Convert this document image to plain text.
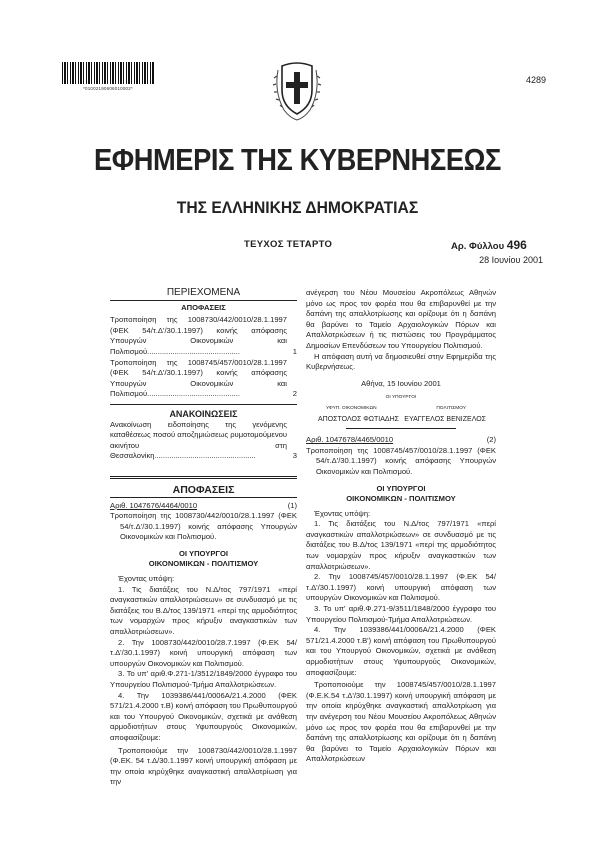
*01002190606010002*
4289
ΕΦΗΜΕΡΙΣ ΤΗΣ ΚΥΒΕΡΝΗΣΕΩΣ
ΤΗΣ ΕΛΛΗΝΙΚΗΣ ΔΗΜΟΚΡΑΤΙΑΣ
ΤΕΥΧΟΣ ΤΕΤΑΡΤΟ	Αρ. Φύλλου 496
28 Ιουνίου 2001
ΠΕΡΙΕΧΟΜΕΝΑ
ΑΠΟΦΑΣΕΙΣ
Τροποποίηση της 1008730/442/0010/28.1.1997 (ΦΕΚ 54/τ.Δ'/30.1.1997) κοινής απόφασης Υπουργών Οικονομικών και Πολιτισμού............................................	1
Τροποποίηση της 1008745/457/0010/28.1.1997 (ΦΕΚ 54/τ.Δ'/30.1.1997) κοινής απόφασης Υπουργών Οικονομικών και Πολιτισμού............................................	2
ΑΝΑΚΟΙΝΩΣΕΙΣ
Ανακοίνωση ειδοποίησης της γενόμενης καταθέσεως ποσού αποζημιώσεως ρυμοτομούμενου ακινήτου στη Θεσσαλονίκη................................................	3
ΑΠΟΦΑΣΕΙΣ
Αριθ. 1047676/4464/0010	(1)

Τροποποίηση της 1008730/442/0010/28.1.1997 (ΦΕΚ 54/τ.Δ'/30.1.1997) κοινής απόφασης Υπουργών Οικονομικών και Πολιτισμού.

ΟΙ ΥΠΟΥΡΓΟΙ
ΟΙΚΟΝΟΜΙΚΩΝ - ΠΟΛΙΤΙΣΜΟΥ

Έχοντας υπόψη:

1. Τις διατάξεις του Ν.Δ/τος 797/1971 «περί αναγκαστικών απαλλοτριώσεων» σε συνδυασμό με τις διατάξεις του Β.Δ/τος 139/1971 «περί της αρμοδιότητος των νομαρχών προς κήρυξιν αναγκαστικών των απαλλοτριώσεων».

2. Την 1008730/442/0010/28.7.1997 (Φ.ΕΚ 54/τ.Δ'/30.1.1997) κοινή υπουργική απόφαση των υπουργών Οικονομικών και Πολιτισμού.

3. Το υπ' αριθ.Φ.271-1/3512/1849/2000 έγγραφο του Υπουργείου Πολιτισμού-Τμήμα Απαλλοτριώσεων.

4. Την 1039386/441/0006Α/21.4.2000 (ΦΕΚ 571/21.4.2000 τ.Β) κοινή απόφαση του Πρωθυπουργού και του Υπουργού Οικονομικών, σχετικά με ανάθεση αρμοδιοτήτων στους Υφυπουργούς Οικονομικών, αποφασίζουμε:

Τροποποιούμε την 1008730/442/0010/28.1.1997 (Φ.ΕΚ. 54 τ.Δ/30.1.1997 κοινή υπουργική απόφαση με την οποία κηρύχθηκε αναγκαστική απαλλοτρίωση για την

ανέγερση του Νέου Μουσείου Ακροπόλεως Αθηνών μόνο ως προς τον φορέα που θα επιβαρυνθεί με την δαπάνη της απαλλοτρίωσης και ορίζουμε ότι η δαπάνη θα βαρύνει το Ταμείο Αρχαιολογικών Πόρων και Απαλλοτριώσεων ή τις πιστώσεις του Προγράμματος Δημοσίων Επενδύσεων του Υπουργείου Πολιτισμού.

Η απόφαση αυτή να δημοσιευθεί στην Εφημερίδα της Κυβερνήσεως.

Αθήνα, 15 Ιουνίου 2001
ΟΙ ΥΠΟΥΡΓΟΙ
ΥΦΥΠ. ΟΙΚΟΝΟΜΙΚΩΝ	ΠΟΛΙΤΙΣΜΟΥ
ΑΠΟΣΤΟΛΟΣ ΦΩΤΙΑΔΗΣ ΕΥΑΓΓΕΛΟΣ ΒΕΝΙΖΕΛΟΣ
Αριθ. 1047678/4465/0010	(2)

Τροποποίηση της 1008745/457/0010/28.1.1997 (ΦΕΚ 54/τ.Δ'/30.1.1997) κοινής απόφασης Υπουργών Οικονομικών και Πολιτισμού.

ΟΙ ΥΠΟΥΡΓΟΙ
ΟΙΚΟΝΟΜΙΚΩΝ - ΠΟΛΙΤΙΣΜΟΥ

Έχοντας υπόψη:

1. Τις διατάξεις του Ν.Δ/τος 797/1971 «περί αναγκαστικών απαλλοτριώσεων» σε συνδυασμό με τις διατάξεις του Β.Δ/τος 139/1971 «περί της αρμοδιότητος των νομαρχών προς κήρυξιν αναγκαστικών των απαλλοτριώσεων».

2. Την 1008745/457/0010/28.1.1997 (Φ.ΕΚ 54/τ.Δ'/30.1.1997) κοινή υπουργική απόφαση των υπουργών Οικονομικών και Πολιτισμού.

3. Το υπ' αριθ.Φ.271-9/3511/1848/2000 έγγραφο του Υπουργείου Πολιτισμού-Τμήμα Απαλλοτριώσεων.

4. Την 1039386/441/0006Α/21.4.2000 (ΦΕΚ 571/21.4.2000 τ.Β') κοινή απόφαση του Πρωθυπουργού και του Υπουργού Οικονομικών, σχετικά με ανάθεση αρμοδιοτήτων στους Υφυπουργούς Οικονομικών, αποφασίζουμε:

Τροποποιούμε την 1008745/457/0010/28.1.1997 (Φ.Ε.Κ.54 τ.Δ'/30.1.1997) κοινή υπουργική απόφαση με την οποία κηρύχθηκε αναγκαστική απαλλοτρίωση για την ανέγερση του Νέου Μουσείου Ακροπόλεως Αθηνών μόνο ως προς τον φορέα που θα επιβαρυνθεί με την δαπάνη της απαλλοτρίωσης και ορίζουμε ότι η δαπάνη θα βαρύνει το Ταμείο Αρχαιολογικών Πόρων και Απαλλοτριώσεων
